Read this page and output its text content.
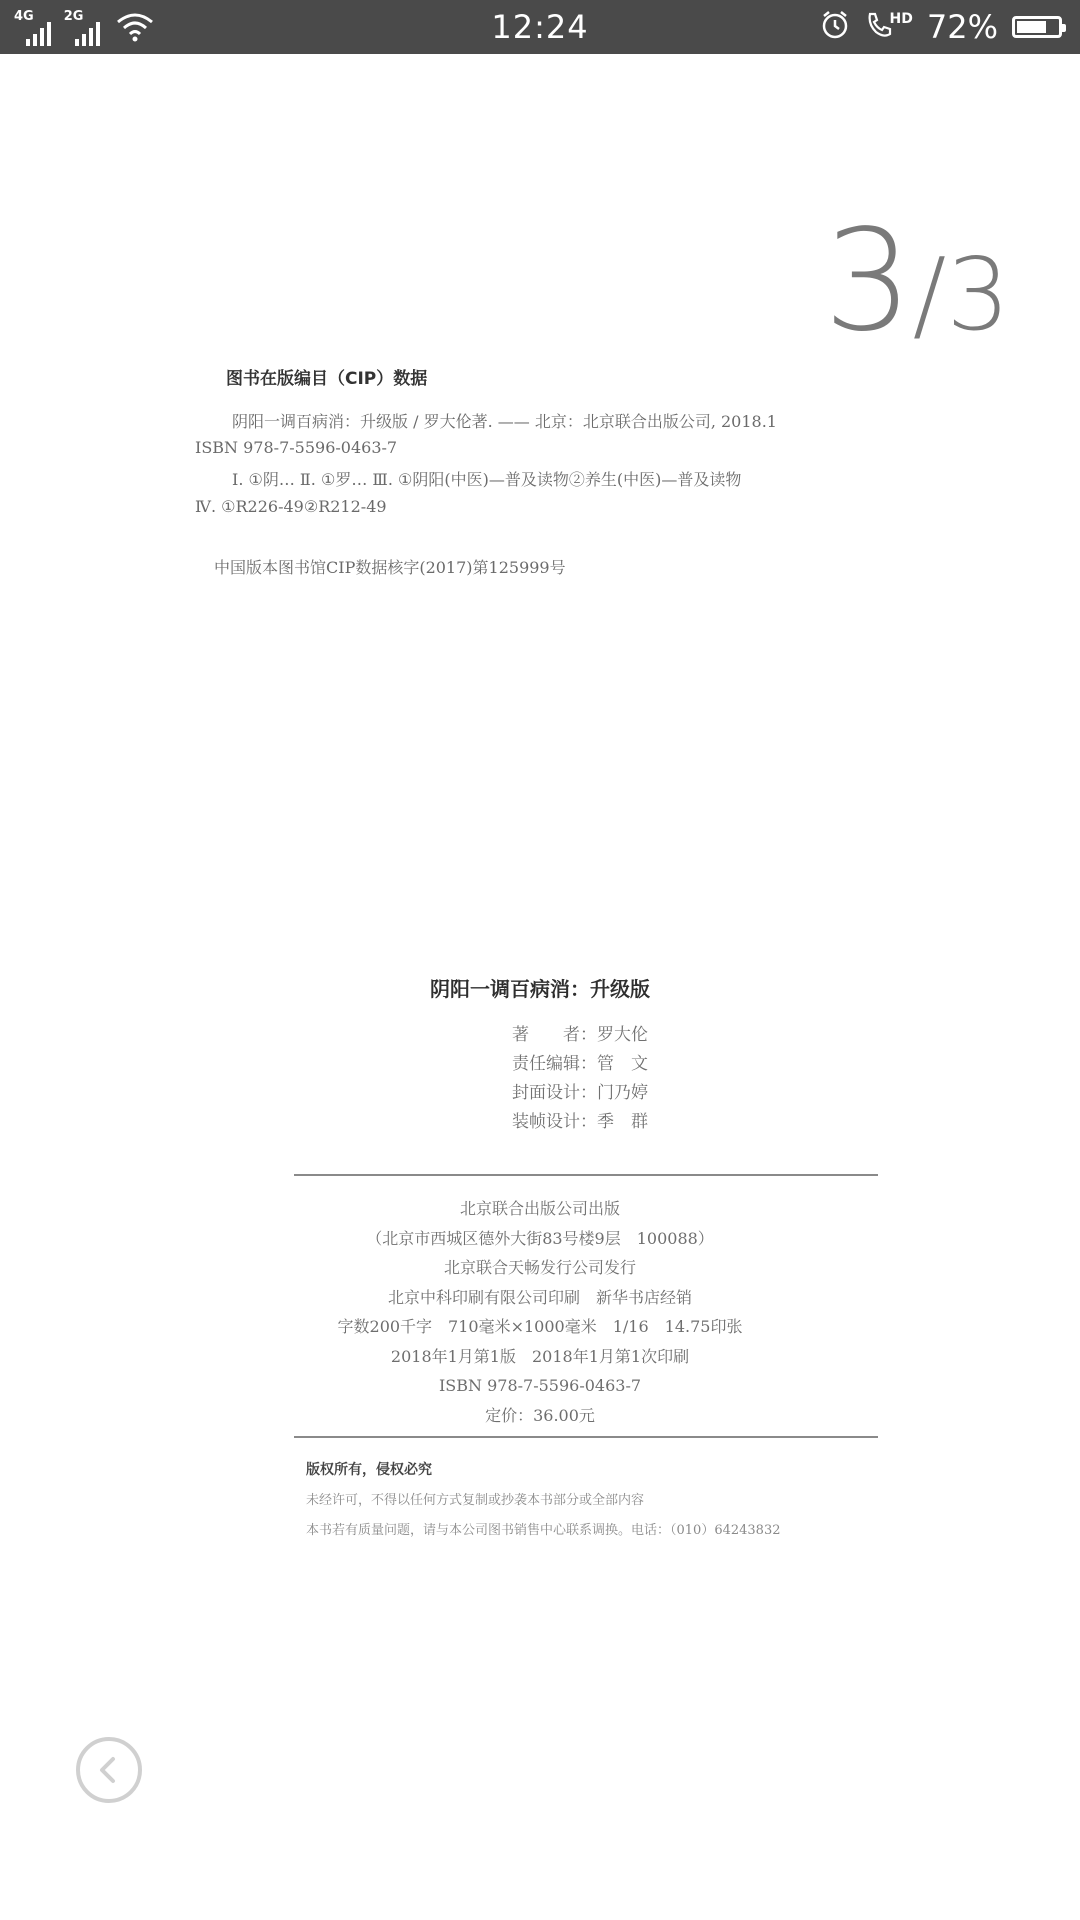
4G 2G	12:24	HD 72%
3/3
图书在版编目（CIP）数据
阴阳一调百病消：升级版 / 罗大伦著. —— 北京：北京联合出版公司, 2018.1
ISBN 978-7-5596-0463-7
Ⅰ. ①阴… Ⅱ. ①罗… Ⅲ. ①阴阳(中医)—普及读物②养生(中医)—普及读物
Ⅳ. ①R226-49②R212-49
中国版本图书馆CIP数据核字(2017)第125999号
阴阳一调百病消：升级版
著　　者：罗大伦
责任编辑：管　文
封面设计：门乃婷
装帧设计：季　群
北京联合出版公司出版
（北京市西城区德外大街83号楼9层　100088）
北京联合天畅发行公司发行
北京中科印刷有限公司印刷　新华书店经销
字数200千字　710毫米×1000毫米　1/16　14.75印张
2018年1月第1版　2018年1月第1次印刷
ISBN 978-7-5596-0463-7
定价：36.00元
版权所有，侵权必究
未经许可，不得以任何方式复制或抄袭本书部分或全部内容
本书若有质量问题，请与本公司图书销售中心联系调换。电话：（010）64243832
